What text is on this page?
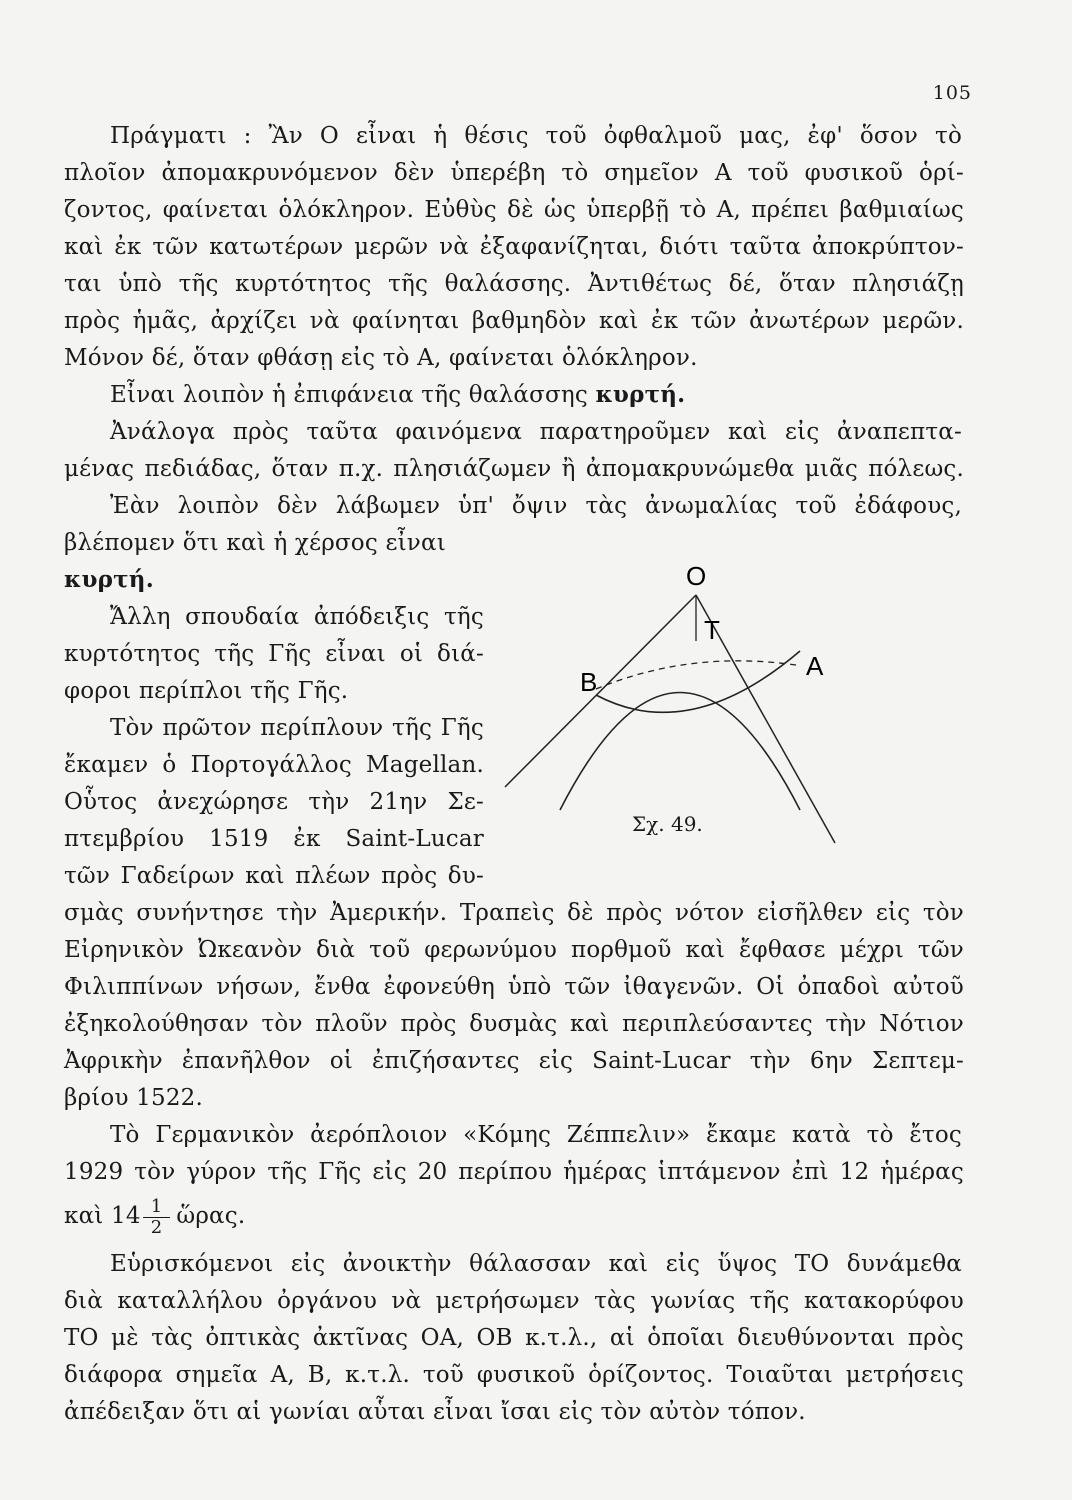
105
Πράγματι : Ἂν Ο εἶναι ἡ θέσις τοῦ ὀφθαλμοῦ μας, ἐφ' ὅσον τὸ
πλοῖον ἀπομακρυνόμενον δὲν ὑπερέβη τὸ σημεῖον Α τοῦ φυσικοῦ ὁρί-
ζοντος, φαίνεται ὁλόκληρον. Εὐθὺς δὲ ὡς ὑπερβῇ τὸ Α, πρέπει βαθμιαίως
καὶ ἐκ τῶν κατωτέρων μερῶν νὰ ἐξαφανίζηται, διότι ταῦτα ἀποκρύπτον-
ται ὑπὸ τῆς κυρτότητος τῆς θαλάσσης. Ἀντιθέτως δέ, ὅταν πλησιάζῃ
πρὸς ἡμᾶς, ἀρχίζει νὰ φαίνηται βαθμηδὸν καὶ ἐκ τῶν ἀνωτέρων μερῶν.
Μόνον δέ, ὅταν φθάσῃ εἰς τὸ Α, φαίνεται ὁλόκληρον.
Εἶναι λοιπὸν ἡ ἐπιφάνεια τῆς θαλάσσης κυρτή.
Ἀνάλογα πρὸς ταῦτα φαινόμενα παρατηροῦμεν καὶ εἰς ἀναπεπτα-
μένας πεδιάδας, ὅταν π.χ. πλησιάζωμεν ἢ ἀπομακρυνώμεθα μιᾶς πόλεως.
Ἐὰν λοιπὸν δὲν λάβωμεν ὑπ' ὄψιν τὰς ἀνωμαλίας τοῦ ἐδάφους,
βλέπομεν ὅτι καὶ ἡ χέρσος εἶναι
κυρτή.
Ἄλλη σπουδαία ἀπόδειξις τῆς
κυρτότητος τῆς Γῆς εἶναι οἱ διά-
φοροι περίπλοι τῆς Γῆς.
Τὸν πρῶτον περίπλουν τῆς Γῆς
ἔκαμεν ὁ Πορτογάλλος Magellan.
Οὗτος ἀνεχώρησε τὴν 21ην Σε-
πτεμβρίου 1519 ἐκ Saint-Lucar
τῶν Γαδείρων καὶ πλέων πρὸς δυ-
σμὰς συνήντησε τὴν Ἀμερικήν. Τραπεὶς δὲ πρὸς νότον εἰσῆλθεν εἰς τὸν
Εἰρηνικὸν Ὠκεανὸν διὰ τοῦ φερωνύμου πορθμοῦ καὶ ἔφθασε μέχρι τῶν
Φιλιππίνων νήσων, ἔνθα ἐφονεύθη ὑπὸ τῶν ἰθαγενῶν. Οἱ ὀπαδοὶ αὐτοῦ
ἐξηκολούθησαν τὸν πλοῦν πρὸς δυσμὰς καὶ περιπλεύσαντες τὴν Νότιον
Ἀφρικὴν ἐπανῆλθον οἱ ἐπιζήσαντες εἰς Saint-Lucar τὴν 6ην Σεπτεμ-
βρίου 1522.
Τὸ Γερμανικὸν ἀερόπλοιον «Κόμης Ζέππελιν» ἔκαμε κατὰ τὸ ἔτος
1929 τὸν γύρον τῆς Γῆς εἰς 20 περίπου ἡμέρας ἱπτάμενον ἐπὶ 12 ἡμέρας
καὶ $14 \frac{1}{2}$ ὥρας.
Εὑρισκόμενοι εἰς ἀνοικτὴν θάλασσαν καὶ εἰς ὕψος ΤΟ δυνάμεθα
διὰ καταλλήλου ὀργάνου νὰ μετρήσωμεν τὰς γωνίας τῆς κατακορύφου
ΤΟ μὲ τὰς ὀπτικὰς ἀκτῖνας ΟΑ, ΟΒ κ.τ.λ., αἱ ὁποῖαι διευθύνονται πρὸς
διάφορα σημεῖα Α, Β, κ.τ.λ. τοῦ φυσικοῦ ὁρίζοντος. Τοιαῦται μετρήσεις
ἀπέδειξαν ὅτι αἱ γωνίαι αὗται εἶναι ἴσαι εἰς τὸν αὐτὸν τόπον.
O
T
B
A
Σχ. 49.
